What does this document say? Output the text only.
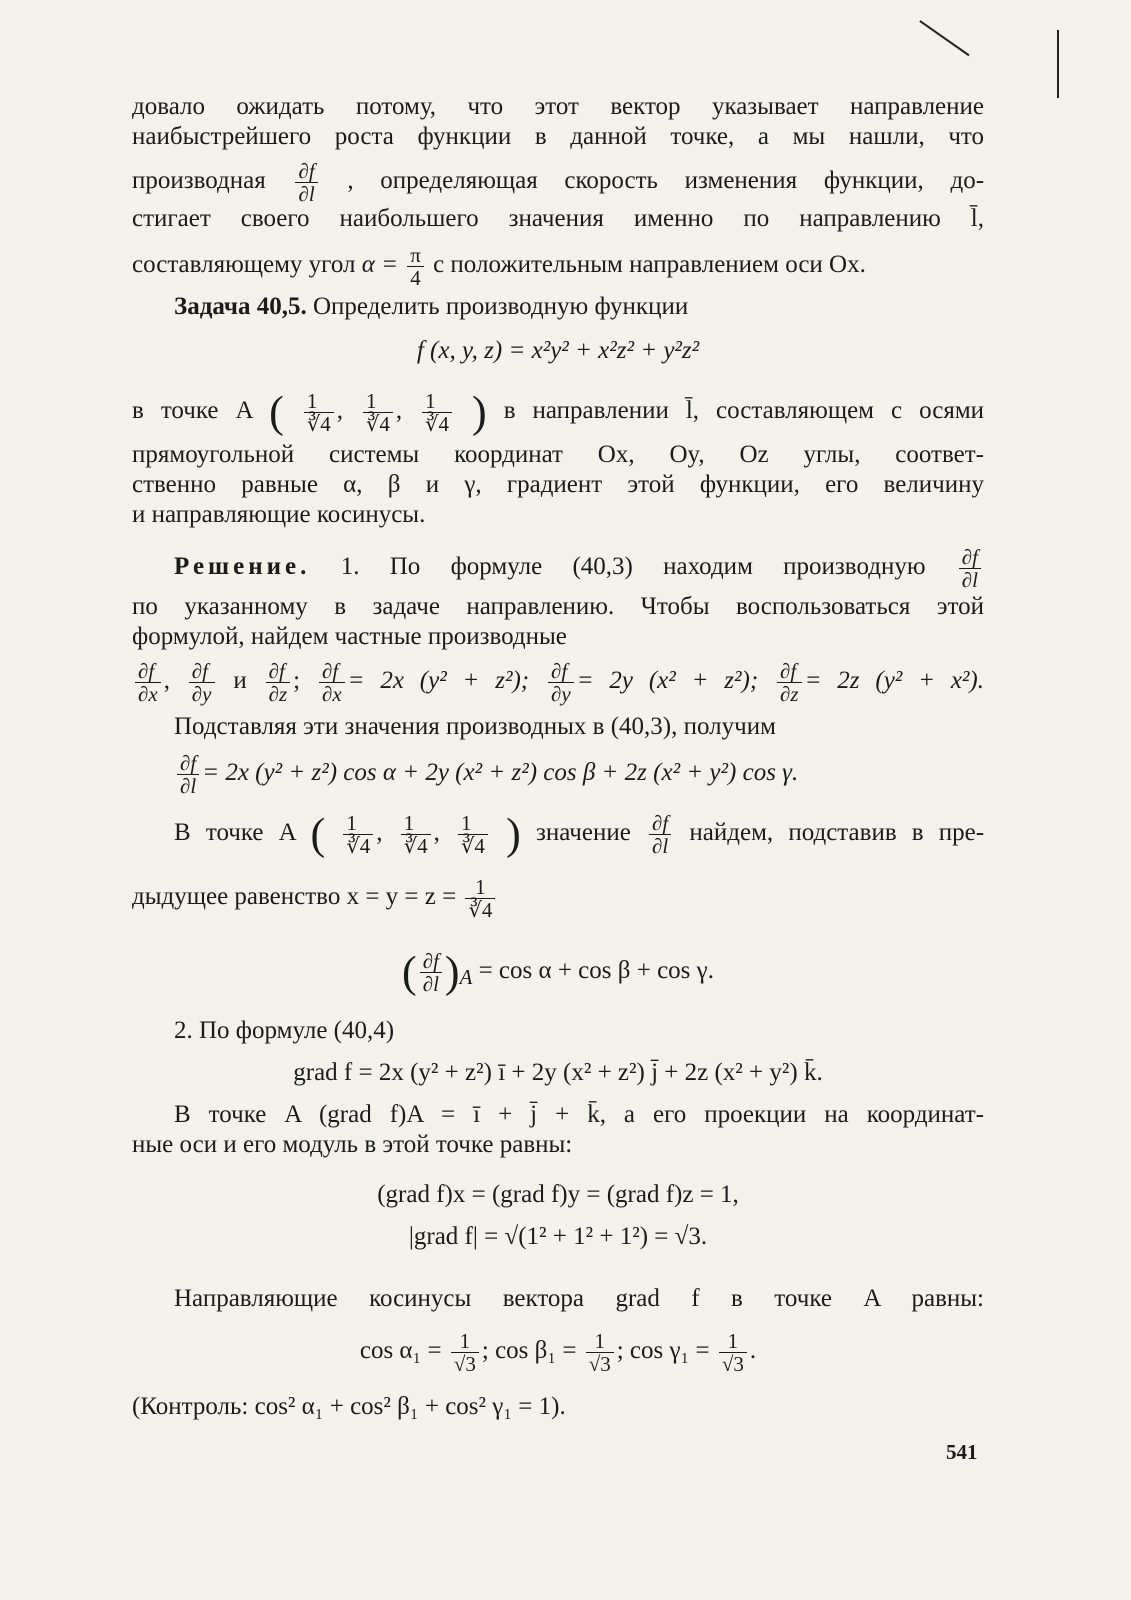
довало ожидать потому, что этот вектор указывает направление
наибыстрейшего роста функции в данной точке, а мы нашли, что
производная $\frac{\partial f}{\partial l}$ , определяющая скорость изменения функции, до-
стигает своего наибольшего значения именно по направлению l̄,
составляющему угол $\alpha = \frac{\pi}{4}$ с положительным направлением оси Ox.
Задача 40,5. Определить производную функции
f (x, y, z) = x²y² + x²z² + y²z²
в точке A ( $\frac{1}{∛4}$ , $\frac{1}{∛4}$ , $\frac{1}{∛4}$ ) в направлении l̄, составляющем с осями
прямоугольной системы координат Ox, Oy, Oz углы, соответ-
ственно равные α, β и γ, градиент этой функции, его величину
и направляющие косинусы.
Решение. 1. По формуле (40,3) находим производную $\frac{\partial f}{\partial l}$
по указанному в задаче направлению. Чтобы воспользоваться этой
формулой, найдем частные производные
$\frac{\partial f}{\partial x}$ , $\frac{\partial f}{\partial y}$ и $\frac{\partial f}{\partial z}$ ; $\frac{\partial f}{\partial x} = 2x$ (y² + z²); $\frac{\partial f}{\partial y} = 2y$ (x² + z²); $\frac{\partial f}{\partial z} = 2z$ (y² + x²).
Подставляя эти значения производных в (40,3), получим
$\frac{\partial f}{\partial l} = 2x$ (y² + z²) cos α + 2y (x² + z²) cos β + 2z (x² + y²) cos γ.
В точке A ( $\frac{1}{∛4}$ , $\frac{1}{∛4}$ , $\frac{1}{∛4}$ ) значение $\frac{\partial f}{\partial l}$ найдем, подставив в пре-
дыдущее равенство $x = y = z = \frac{1}{∛4}$
( $\frac{\partial f}{\partial l} )_A = \cos \alpha + \cos \beta + \cos \gamma$.
2. По формуле (40,4)
grad f = 2x (y² + z²) ī + 2y (x² + z²) j̄ + 2z (x² + y²) k̄.
В точке A (grad f)A = ī + j̄ + k̄, а его проекции на координат-
ные оси и его модуль в этой точке равны:
(grad f)x = (grad f)y = (grad f)z = 1,
|grad f| = √(1² + 1² + 1²) = √3.
Направляющие косинусы вектора grad f в точке A равны:
$\cos \alpha_1 = \frac{1}{√3}$ ; $\cos \beta_1 = \frac{1}{√3}$ ; $\cos \gamma_1 = \frac{1}{√3}$ .
(Контроль: cos² α₁ + cos² β₁ + cos² γ₁ = 1).
541
